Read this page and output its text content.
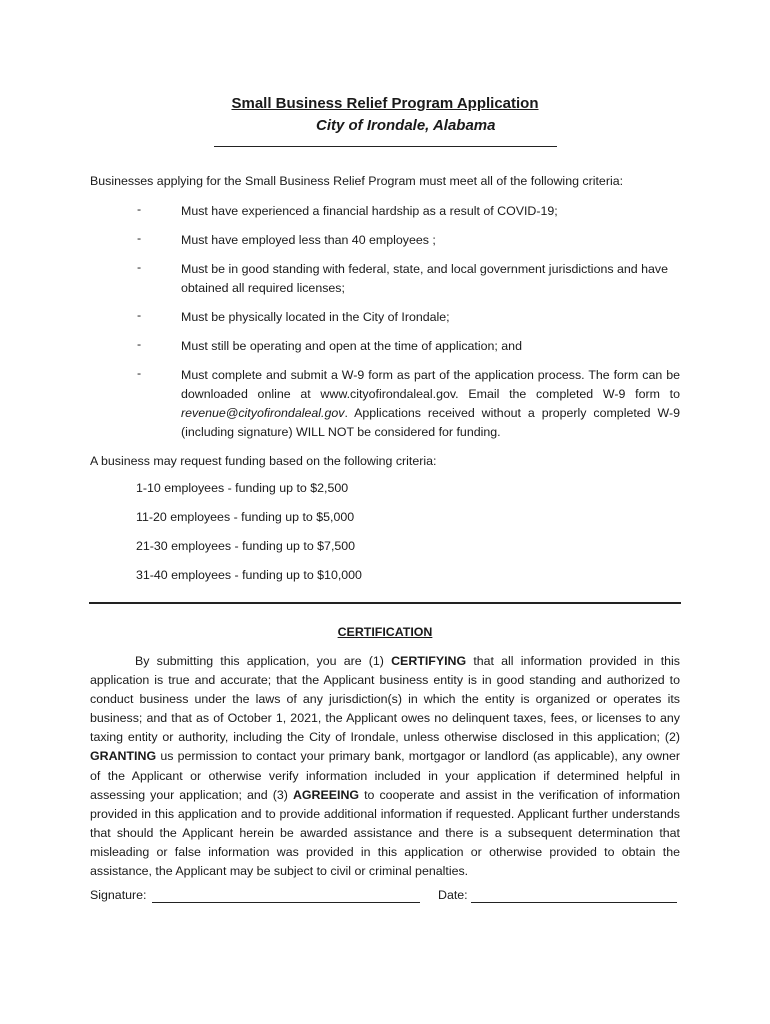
Small Business Relief Program Application
City of Irondale, Alabama
Businesses applying for the Small Business Relief Program must meet all of the following criteria:
-	Must have experienced a financial hardship as a result of COVID-19;
-	Must have employed less than 40 employees ;
-	Must be in good standing with federal, state, and local government jurisdictions and have obtained all required licenses;
-	Must be physically located in the City of Irondale;
-	Must still be operating and open at the time of application; and
-	Must complete and submit a W-9 form as part of the application process. The form can be downloaded online at www.cityofirondaleal.gov. Email the completed W-9 form to revenue@cityofirondaleal.gov. Applications received without a properly completed W-9 (including signature) WILL NOT be considered for funding.
A business may request funding based on the following criteria:
1-10 employees - funding up to $2,500
11-20 employees - funding up to $5,000
21-30 employees - funding up to $7,500
31-40 employees - funding up to $10,000
CERTIFICATION
By submitting this application, you are (1) CERTIFYING that all information provided in this application is true and accurate; that the Applicant business entity is in good standing and authorized to conduct business under the laws of any jurisdiction(s) in which the entity is organized or operates its business; and that as of October 1, 2021, the Applicant owes no delinquent taxes, fees, or licenses to any taxing entity or authority, including the City of Irondale, unless otherwise disclosed in this application; (2) GRANTING us permission to contact your primary bank, mortgagor or landlord (as applicable), any owner of the Applicant or otherwise verify information included in your application if determined helpful in assessing your application; and (3) AGREEING to cooperate and assist in the verification of information provided in this application and to provide additional information if requested. Applicant further understands that should the Applicant herein be awarded assistance and there is a subsequent determination that misleading or false information was provided in this application or otherwise provided to obtain the assistance, the Applicant may be subject to civil or criminal penalties.
Signature:	Date:
